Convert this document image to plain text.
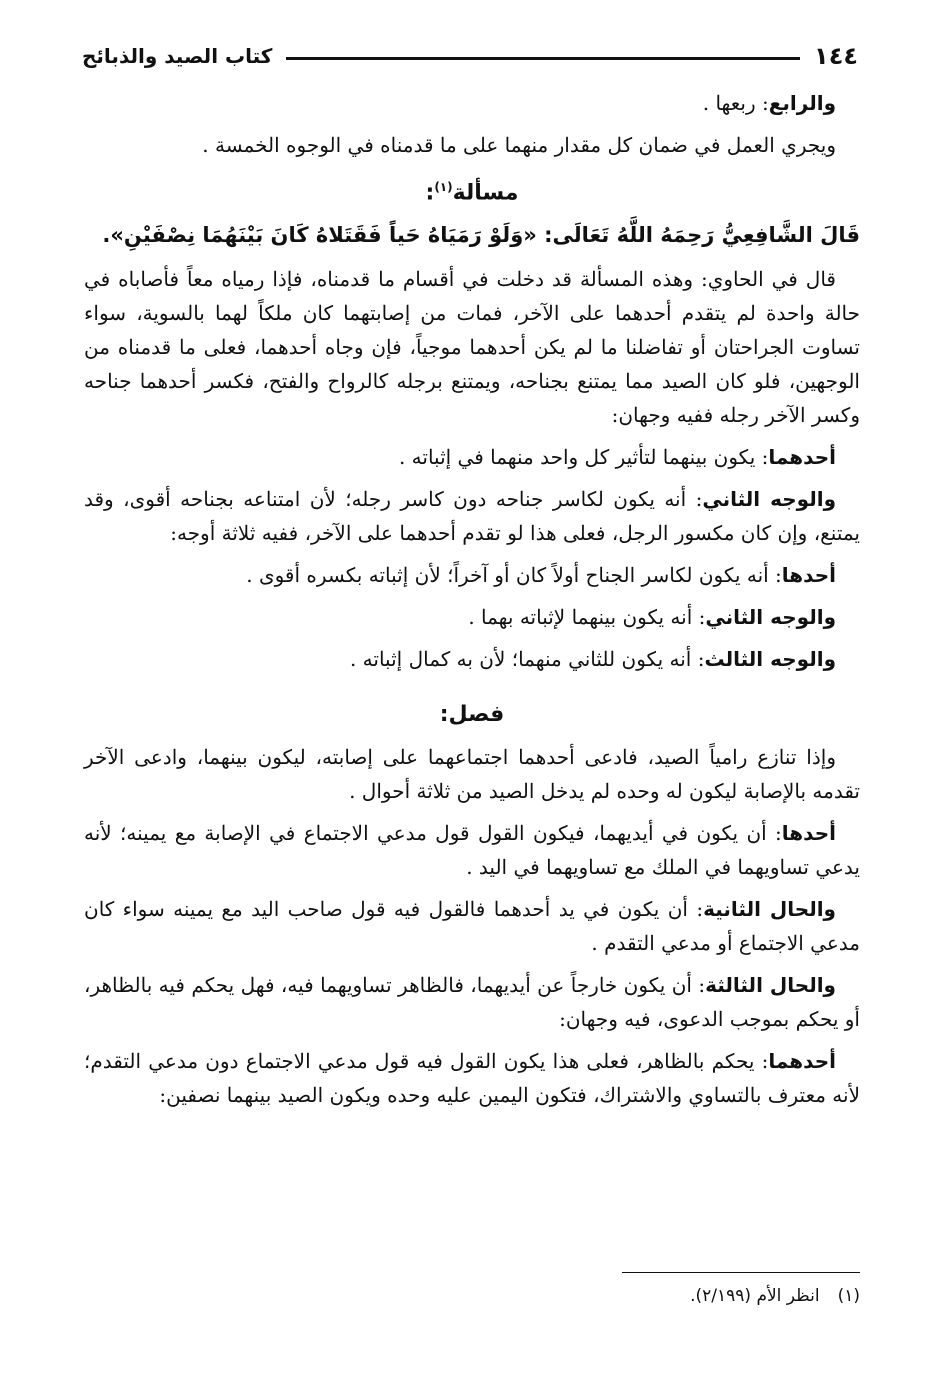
١٤٤
كتاب الصيد والذبائح

والرابع: ربعها .

ويجري العمل في ضمان كل مقدار منهما على ما قدمناه في الوجوه الخمسة .

مسألة$^{(١)}$:

قَالَ الشَّافِعِيُّ رَحِمَهُ اللَّهُ تَعَالَى: «وَلَوْ رَمَيَاهُ حَياً فَقَتَلاهُ كَانَ بَيْنَهُمَا نِصْفَيْنِ».

قال في الحاوي: وهذه المسألة قد دخلت في أقسام ما قدمناه، فإذا رمياه معاً فأصاباه في حالة واحدة لم يتقدم أحدهما على الآخر، فمات من إصابتهما كان ملكاً لهما بالسوية، سواء تساوت الجراحتان أو تفاضلنا ما لم يكن أحدهما موجياً، فإن وجاه أحدهما، فعلى ما قدمناه من الوجهين، فلو كان الصيد مما يمتنع بجناحه، ويمتنع برجله كالرواح والفتح، فكسر أحدهما جناحه وكسر الآخر رجله ففيه وجهان:

أحدهما: يكون بينهما لتأثير كل واحد منهما في إثباته .

والوجه الثاني: أنه يكون لكاسر جناحه دون كاسر رجله؛ لأن امتناعه بجناحه أقوى، وقد يمتنع، وإن كان مكسور الرجل، فعلى هذا لو تقدم أحدهما على الآخر، ففيه ثلاثة أوجه:

أحدها: أنه يكون لكاسر الجناح أولاً كان أو آخراً؛ لأن إثباته بكسره أقوى .

والوجه الثاني: أنه يكون بينهما لإثباته بهما .

والوجه الثالث: أنه يكون للثاني منهما؛ لأن به كمال إثباته .

فصل:

وإذا تنازع رامياً الصيد، فادعى أحدهما اجتماعهما على إصابته، ليكون بينهما، وادعى الآخر تقدمه بالإصابة ليكون له وحده لم يدخل الصيد من ثلاثة أحوال .

أحدها: أن يكون في أيديهما، فيكون القول قول مدعي الاجتماع في الإصابة مع يمينه؛ لأنه يدعي تساويهما في الملك مع تساويهما في اليد .

والحال الثانية: أن يكون في يد أحدهما فالقول فيه قول صاحب اليد مع يمينه سواء كان مدعي الاجتماع أو مدعي التقدم .

والحال الثالثة: أن يكون خارجاً عن أيديهما، فالظاهر تساويهما فيه، فهل يحكم فيه بالظاهر، أو يحكم بموجب الدعوى، فيه وجهان:

أحدهما: يحكم بالظاهر، فعلى هذا يكون القول فيه قول مدعي الاجتماع دون مدعي التقدم؛ لأنه معترف بالتساوي والاشتراك، فتكون اليمين عليه وحده ويكون الصيد بينهما نصفين:

(١)انظر الأم (٢/١٩٩).
